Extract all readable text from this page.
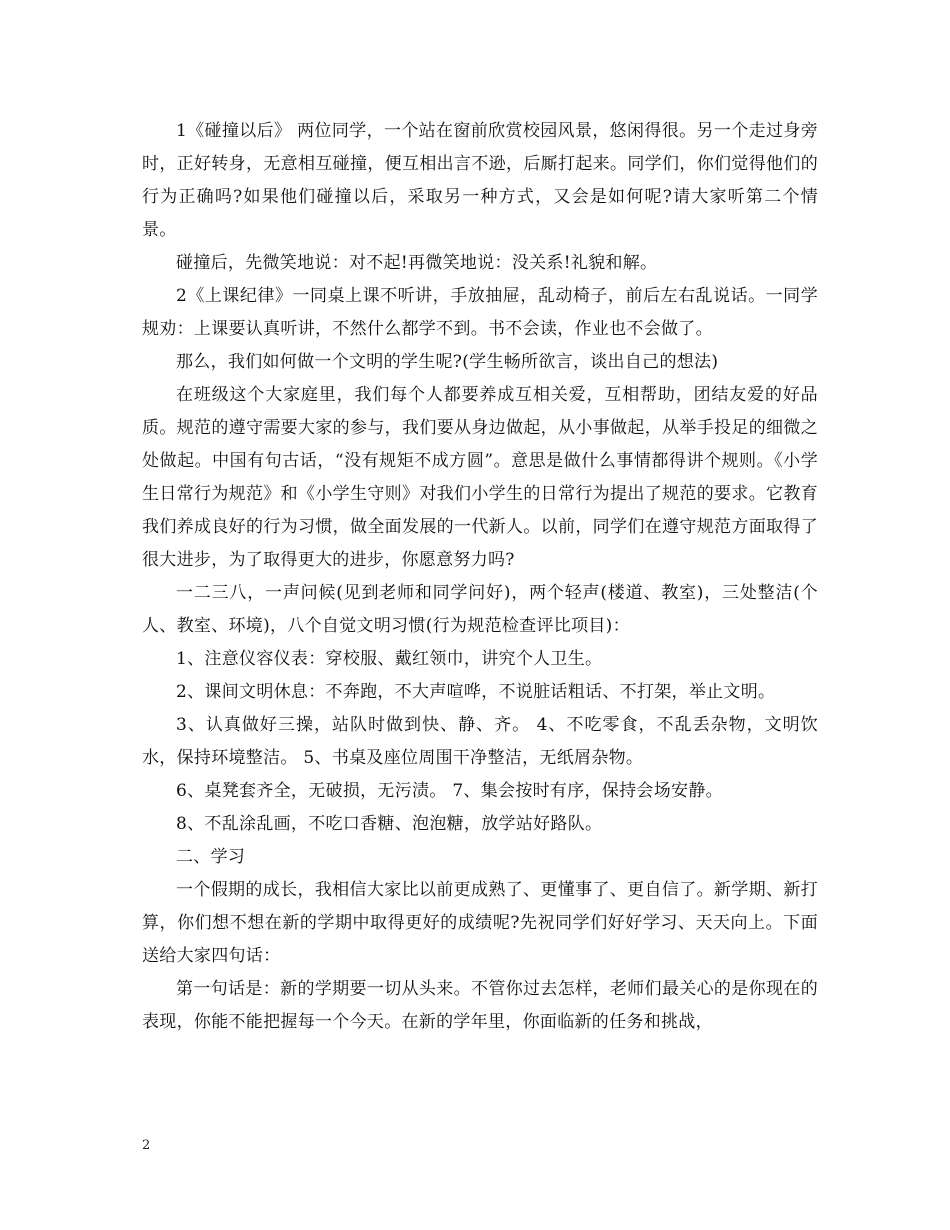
1《碰撞以后》 两位同学，一个站在窗前欣赏校园风景，悠闲得很。另一个走过身旁时，正好转身，无意相互碰撞，便互相出言不逊，后厮打起来。同学们，你们觉得他们的行为正确吗?如果他们碰撞以后，采取另一种方式，又会是如何呢?请大家听第二个情景。

碰撞后，先微笑地说：对不起!再微笑地说：没关系!礼貌和解。

2《上课纪律》一同桌上课不听讲，手放抽屉，乱动椅子，前后左右乱说话。一同学规劝：上课要认真听讲，不然什么都学不到。书不会读，作业也不会做了。

那么，我们如何做一个文明的学生呢?(学生畅所欲言，谈出自己的想法)

在班级这个大家庭里，我们每个人都要养成互相关爱，互相帮助，团结友爱的好品质。规范的遵守需要大家的参与，我们要从身边做起，从小事做起，从举手投足的细微之处做起。中国有句古话，“没有规矩不成方圆”。意思是做什么事情都得讲个规则。《小学生日常行为规范》和《小学生守则》对我们小学生的日常行为提出了规范的要求。它教育我们养成良好的行为习惯，做全面发展的一代新人。以前，同学们在遵守规范方面取得了很大进步，为了取得更大的进步，你愿意努力吗?

一二三八，一声问候(见到老师和同学问好)，两个轻声(楼道、教室)，三处整洁(个人、教室、环境)，八个自觉文明习惯(行为规范检查评比项目)：

1、注意仪容仪表：穿校服、戴红领巾，讲究个人卫生。

2、课间文明休息：不奔跑，不大声喧哗，不说脏话粗话、不打架，举止文明。

3、认真做好三操，站队时做到快、静、齐。 4、不吃零食，不乱丢杂物，文明饮水，保持环境整洁。 5、书桌及座位周围干净整洁，无纸屑杂物。

6、桌凳套齐全，无破损，无污渍。 7、集会按时有序，保持会场安静。

8、不乱涂乱画，不吃口香糖、泡泡糖，放学站好路队。

二、学习

一个假期的成长，我相信大家比以前更成熟了、更懂事了、更自信了。新学期、新打算，你们想不想在新的学期中取得更好的成绩呢?先祝同学们好好学习、天天向上。下面送给大家四句话：

第一句话是：新的学期要一切从头来。不管你过去怎样，老师们最关心的是你现在的表现，你能不能把握每一个今天。在新的学年里，你面临新的任务和挑战，

2
